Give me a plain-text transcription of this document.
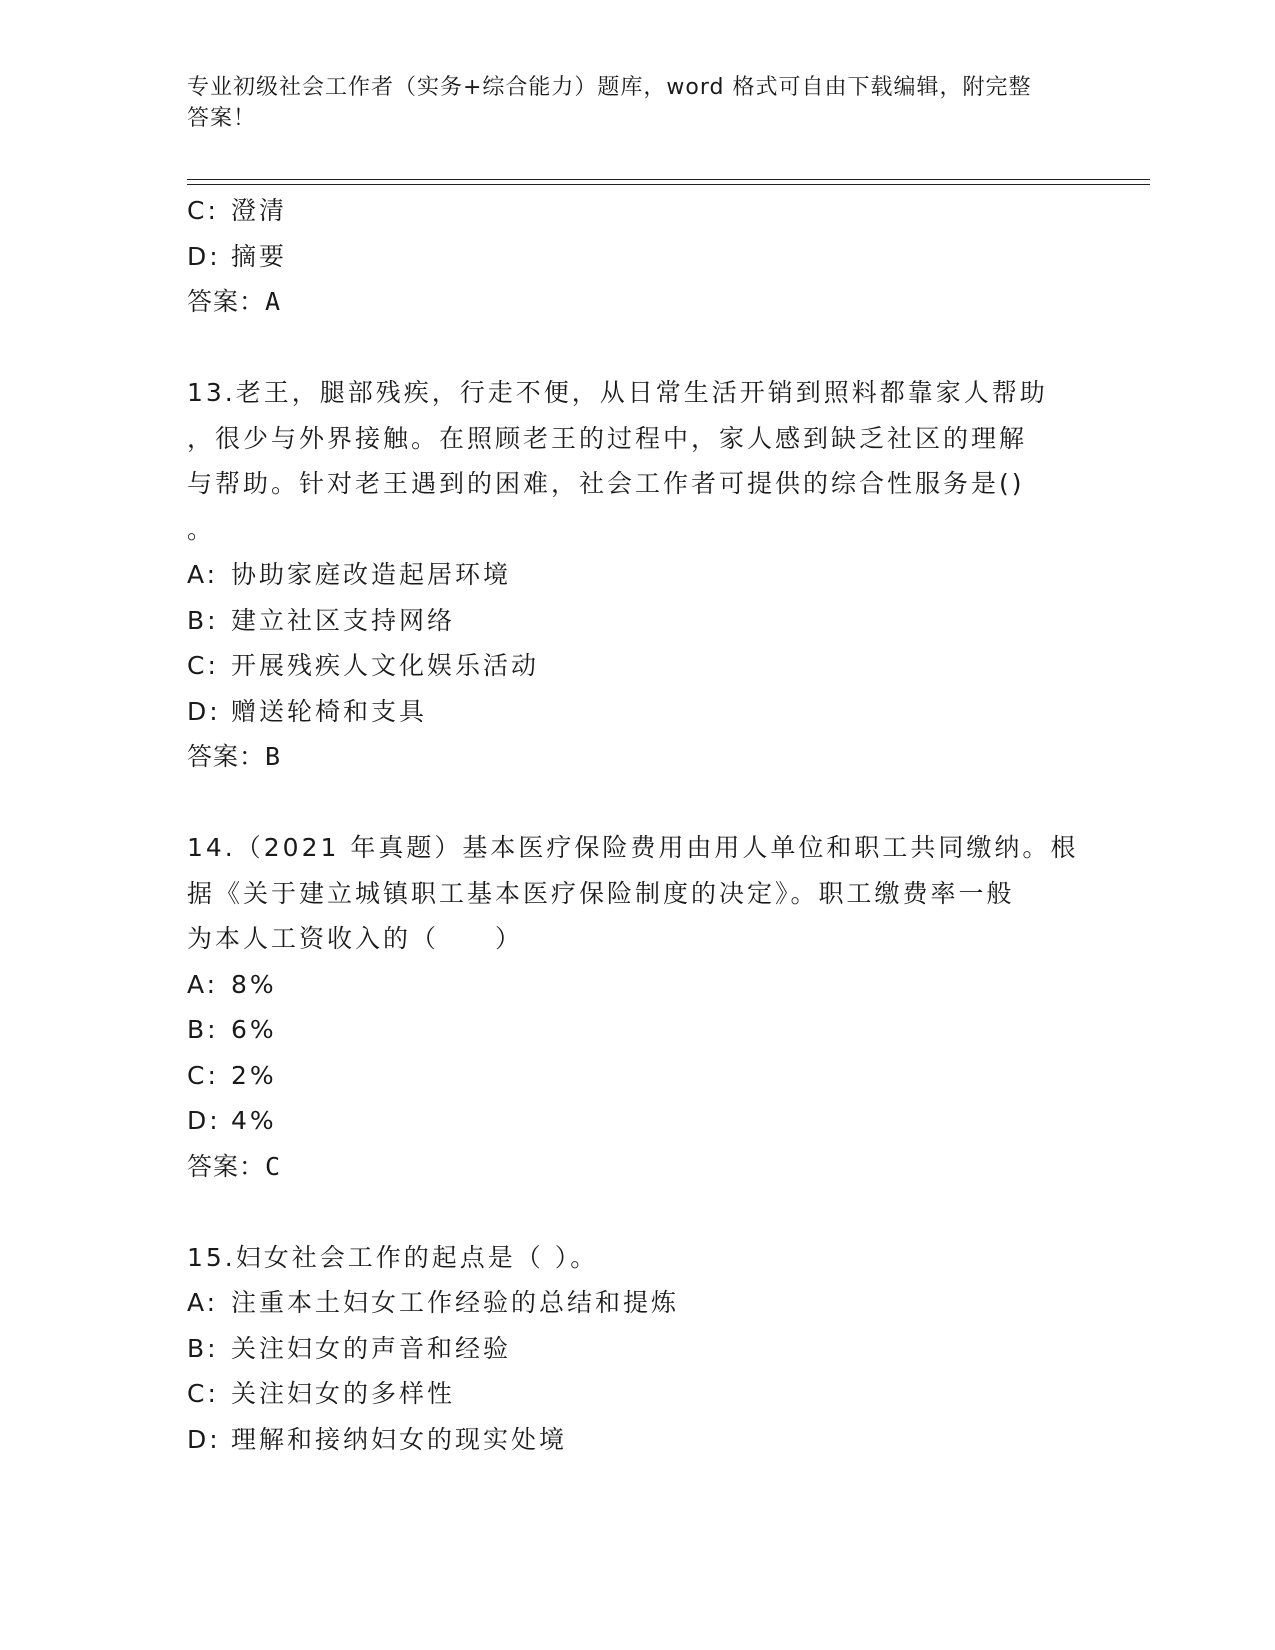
专业初级社会工作者（实务+综合能力）题库，word 格式可自由下载编辑，附完整
答案！
C: 澄清
D: 摘要
答案：A
13.老王，腿部残疾，行走不便，从日常生活开销到照料都靠家人帮助
，很少与外界接触。在照顾老王的过程中，家人感到缺乏社区的理解
与帮助。针对老王遇到的困难，社会工作者可提供的综合性服务是()
。
A: 协助家庭改造起居环境
B: 建立社区支持网络
C: 开展残疾人文化娱乐活动
D: 赠送轮椅和支具
答案：B
14.（2021 年真题）基本医疗保险费用由用人单位和职工共同缴纳。根
据《关于建立城镇职工基本医疗保险制度的决定》。职工缴费率一般
为本人工资收入的（　　）
A: 8%
B: 6%
C: 2%
D: 4%
答案：C
15.妇女社会工作的起点是（ ）。
A: 注重本土妇女工作经验的总结和提炼
B: 关注妇女的声音和经验
C: 关注妇女的多样性
D: 理解和接纳妇女的现实处境
